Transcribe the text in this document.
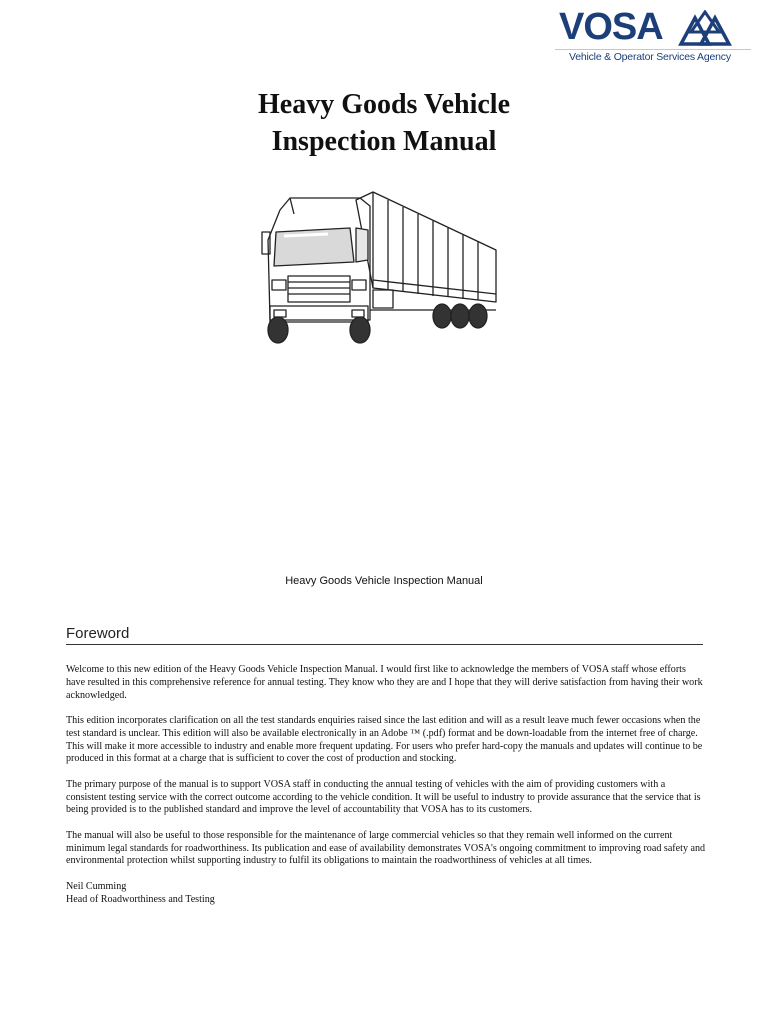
VOSA
Vehicle & Operator Services Agency
Heavy Goods Vehicle
Inspection Manual
Heavy Goods Vehicle Inspection Manual
Foreword

Welcome to this new edition of the Heavy Goods Vehicle Inspection Manual. I would first like to acknowledge the members of VOSA staff whose efforts have resulted in this comprehensive reference for annual testing. They know who they are and I hope that they will derive satisfaction from having their work acknowledged.

This edition incorporates clarification on all the test standards enquiries raised since the last edition and will as a result leave much fewer occasions when the test standard is unclear. This edition will also be available electronically in an Adobe ™ (.pdf) format and be down-loadable from the internet free of charge. This will make it more accessible to industry and enable more frequent updating. For users who prefer hard-copy the manuals and updates will continue to be produced in this format at a charge that is sufficient to cover the cost of production and stocking.

The primary purpose of the manual is to support VOSA staff in conducting the annual testing of vehicles with the aim of providing customers with a consistent testing service with the correct outcome according to the vehicle condition. It will be useful to industry to provide assurance that the service that is being provided is to the published standard and improve the level of accountability that VOSA has to its customers.

The manual will also be useful to those responsible for the maintenance of large commercial vehicles so that they remain well informed on the current minimum legal standards for roadworthiness. Its publication and ease of availability demonstrates VOSA's ongoing commitment to improving road safety and environmental protection whilst supporting industry to fulfil its obligations to maintain the roadworthiness of vehicles at all times.

Neil Cumming
Head of Roadworthiness and Testing
